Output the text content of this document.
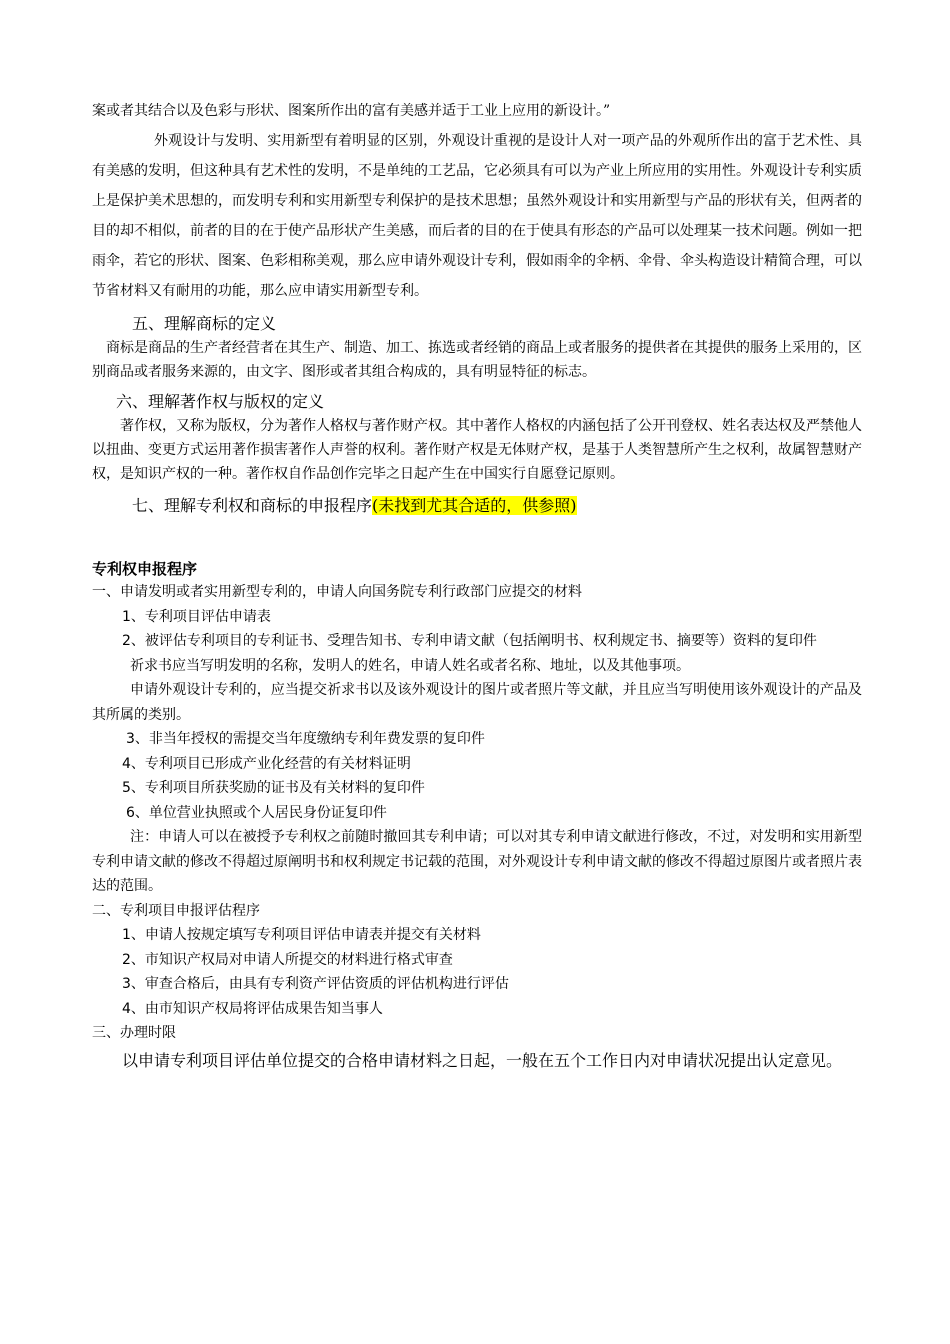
案或者其结合以及色彩与形状、图案所作出的富有美感并适于工业上应用的新设计。”

外观设计与发明、实用新型有着明显的区别，外观设计重视的是设计人对一项产品的外观所作出的富于艺术性、具有美感的发明，但这种具有艺术性的发明，不是单纯的工艺品，它必须具有可以为产业上所应用的实用性。外观设计专利实质上是保护美术思想的，而发明专利和实用新型专利保护的是技术思想；虽然外观设计和实用新型与产品的形状有关，但两者的目的却不相似，前者的目的在于使产品形状产生美感，而后者的目的在于使具有形态的产品可以处理某一技术问题。例如一把雨伞，若它的形状、图案、色彩相称美观，那么应申请外观设计专利，假如雨伞的伞柄、伞骨、伞头构造设计精简合理，可以节省材料又有耐用的功能，那么应申请实用新型专利。

五、理解商标的定义
商标是商品的生产者经营者在其生产、制造、加工、拣选或者经销的商品上或者服务的提供者在其提供的服务上采用的，区别商品或者服务来源的，由文字、图形或者其组合构成的，具有明显特征的标志。
六、理解著作权与版权的定义
著作权，又称为版权，分为著作人格权与著作财产权。其中著作人格权的内涵包括了公开刊登权、姓名表达权及严禁他人以扭曲、变更方式运用著作损害著作人声誉的权利。著作财产权是无体财产权，是基于人类智慧所产生之权利，故属智慧财产权，是知识产权的一种。著作权自作品创作完毕之日起产生在中国实行自愿登记原则。
七、理解专利权和商标的申报程序(未找到尤其合适的，供参照)
专利权申报程序
一、申请发明或者实用新型专利的，申请人向国务院专利行政部门应提交的材料
1、专利项目评估申请表
2、被评估专利项目的专利证书、受理告知书、专利申请文献（包括阐明书、权利规定书、摘要等）资料的复印件
祈求书应当写明发明的名称，发明人的姓名，申请人姓名或者名称、地址，以及其他事项。
申请外观设计专利的，应当提交祈求书以及该外观设计的图片或者照片等文献，并且应当写明使用该外观设计的产品及其所属的类别。
3、非当年授权的需提交当年度缴纳专利年费发票的复印件
4、专利项目已形成产业化经营的有关材料证明
5、专利项目所获奖励的证书及有关材料的复印件
6、单位营业执照或个人居民身份证复印件
注：申请人可以在被授予专利权之前随时撤回其专利申请；可以对其专利申请文献进行修改，不过，对发明和实用新型专利申请文献的修改不得超过原阐明书和权利规定书记载的范围，对外观设计专利申请文献的修改不得超过原图片或者照片表达的范围。
二、专利项目申报评估程序
1、申请人按规定填写专利项目评估申请表并提交有关材料
2、市知识产权局对申请人所提交的材料进行格式审查
3、审查合格后，由具有专利资产评估资质的评估机构进行评估
4、由市知识产权局将评估成果告知当事人
三、办理时限
以申请专利项目评估单位提交的合格申请材料之日起，一般在五个工作日内对申请状况提出认定意见。
